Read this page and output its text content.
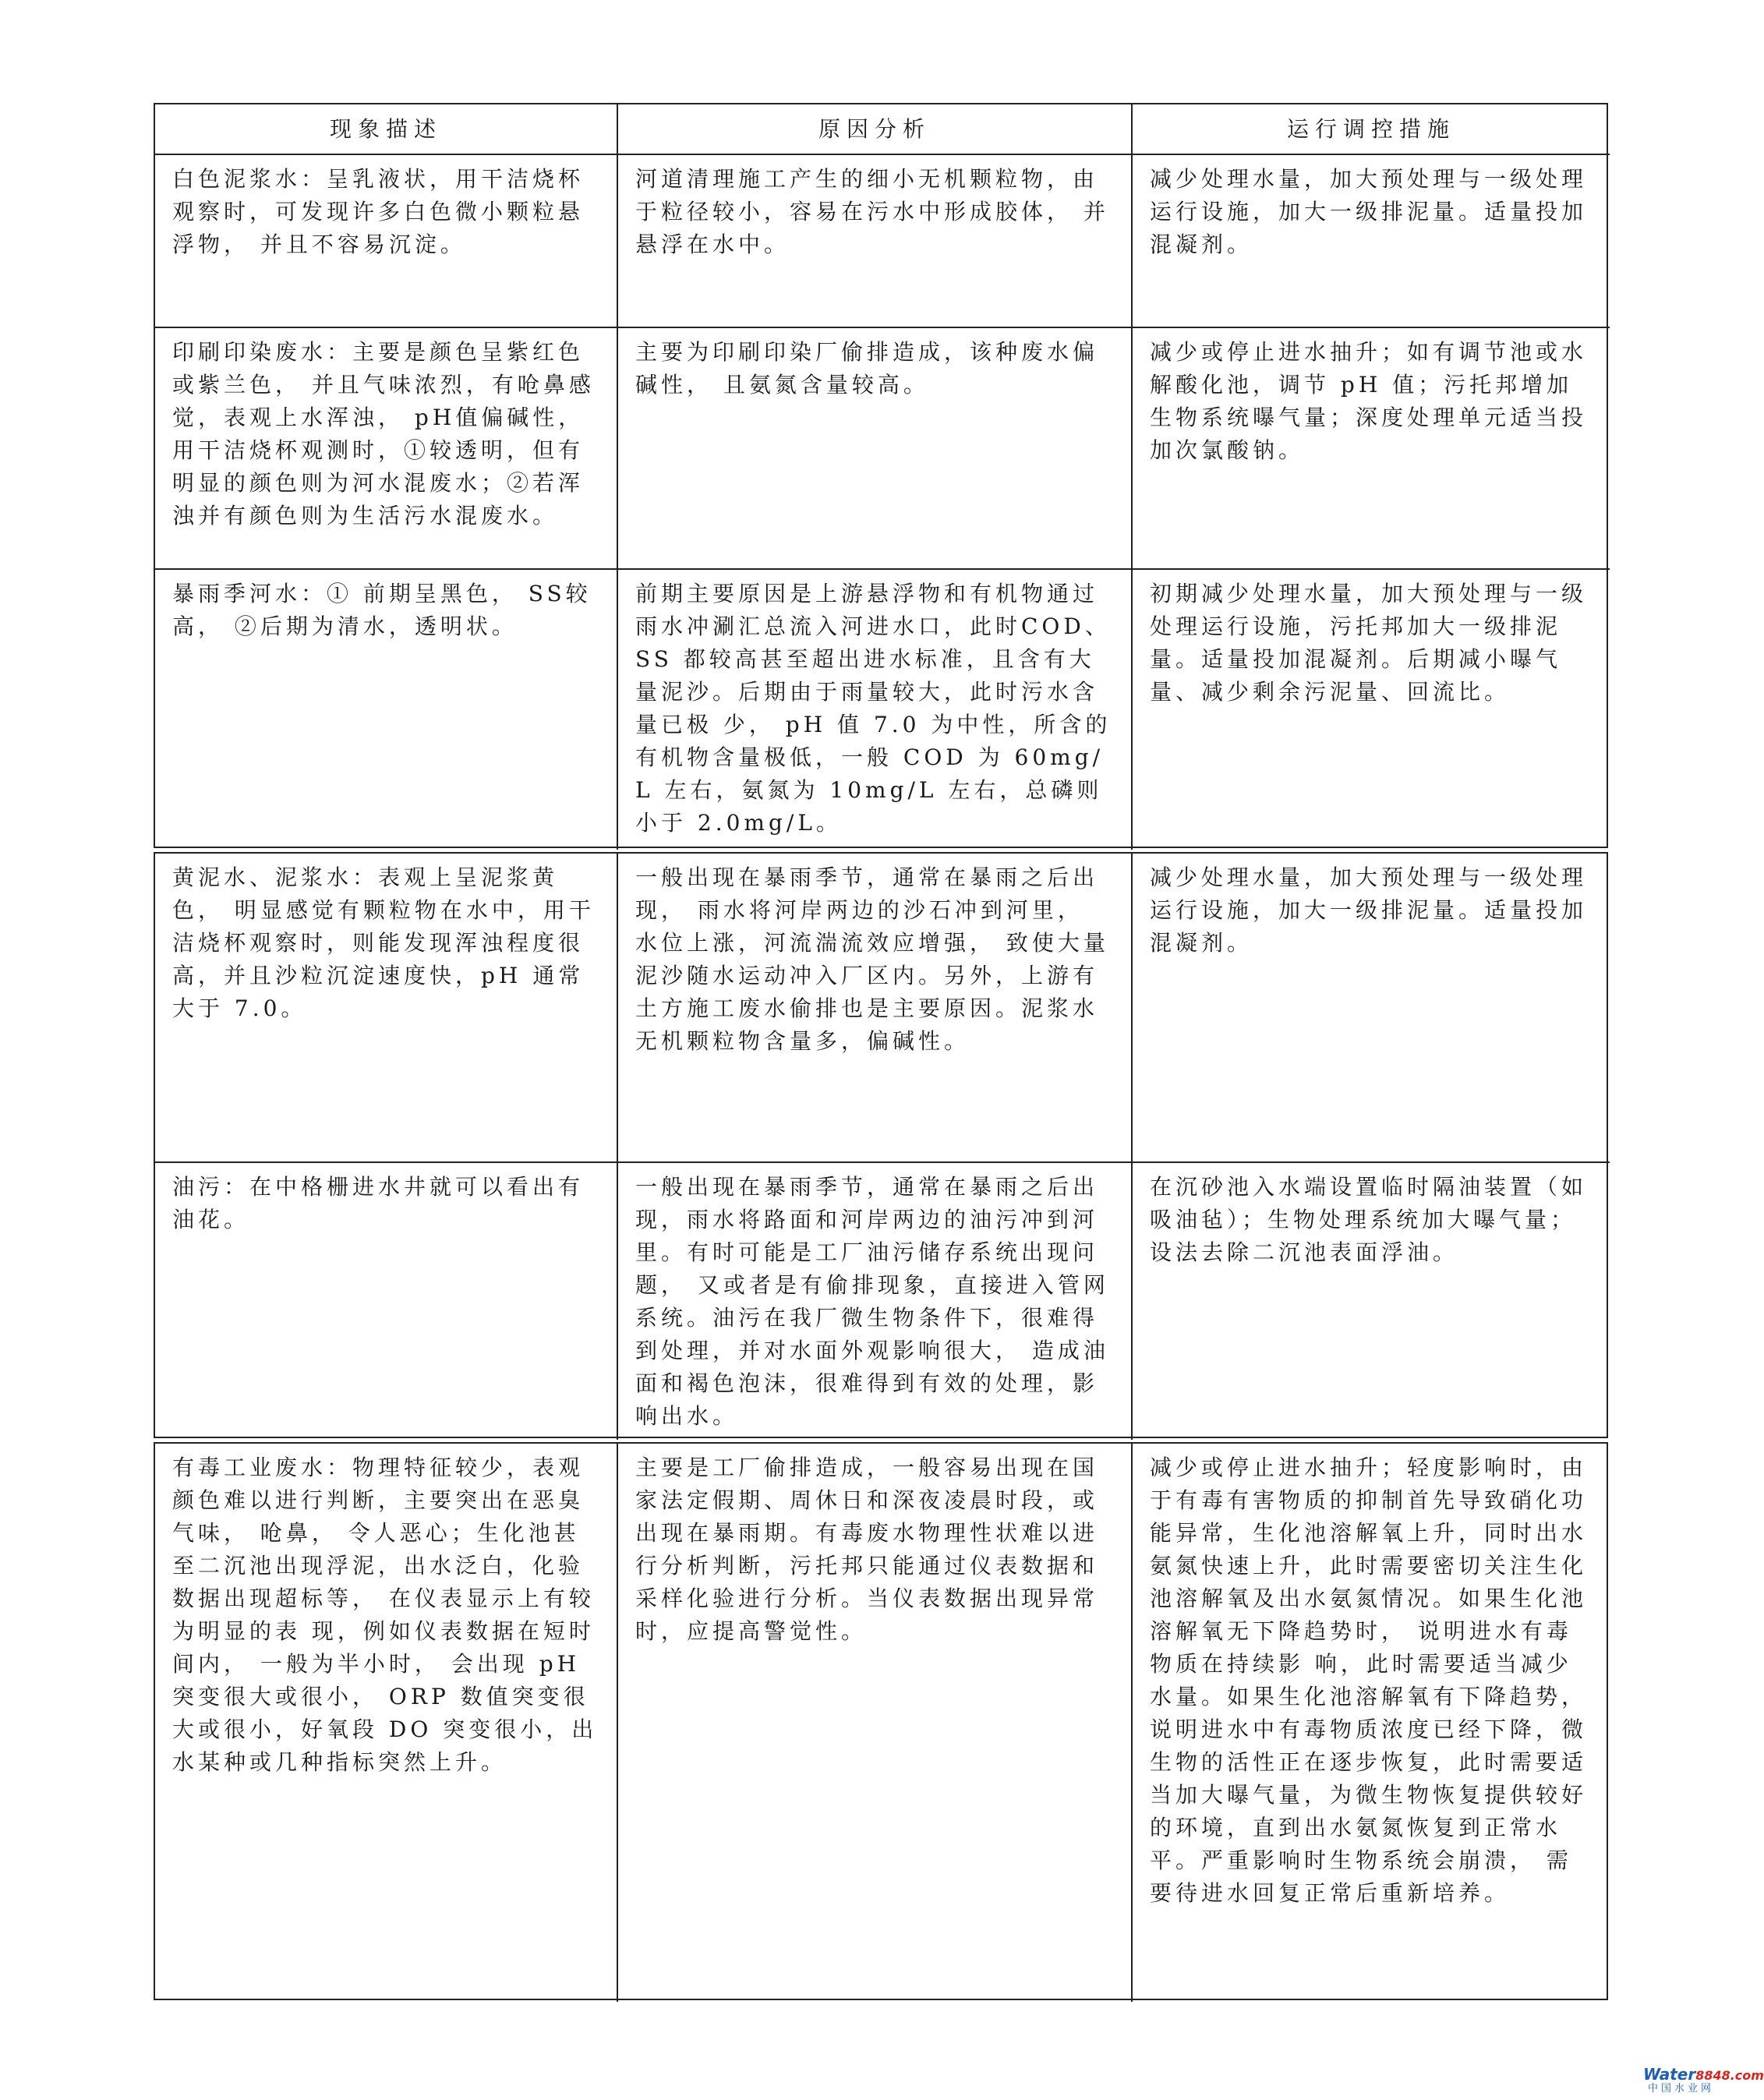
现象描述	原因分析	运行调控措施
白色泥浆水：呈乳液状，用干洁烧杯观察时，可发现许多白色微小颗粒悬浮物， 并且不容易沉淀。	河道清理施工产生的细小无机颗粒物，由于粒径较小，容易在污水中形成胶体， 并悬浮在水中。	减少处理水量，加大预处理与一级处理运行设施，加大一级排泥量。适量投加混凝剂。
印刷印染废水：主要是颜色呈紫红色或紫兰色， 并且气味浓烈，有呛鼻感觉，表观上水浑浊， pH值偏碱性，用干洁烧杯观测时，①较透明，但有明显的颜色则为河水混废水；②若浑浊并有颜色则为生活污水混废水。	主要为印刷印染厂偷排造成，该种废水偏碱性， 且氨氮含量较高。	减少或停止进水抽升；如有调节池或水解酸化池，调节 pH 值；污托邦增加生物系统曝气量；深度处理单元适当投加次氯酸钠。
暴雨季河水：① 前期呈黑色， SS较高， ②后期为清水，透明状。	前期主要原因是上游悬浮物和有机物通过雨水冲涮汇总流入河进水口，此时COD、SS 都较高甚至超出进水标准，且含有大量泥沙。后期由于雨量较大，此时污水含量已极 少， pH 值 7.0 为中性，所含的有机物含量极低，一般 COD 为 60mg/L 左右，氨氮为 10mg/L 左右，总磷则小于 2.0mg/L。	初期减少处理水量，加大预处理与一级处理运行设施，污托邦加大一级排泥量。适量投加混凝剂。后期减小曝气量、减少剩余污泥量、回流比。
黄泥水、泥浆水：表观上呈泥浆黄色， 明显感觉有颗粒物在水中，用干洁烧杯观察时，则能发现浑浊程度很高，并且沙粒沉淀速度快，pH 通常大于 7.0。	一般出现在暴雨季节，通常在暴雨之后出现， 雨水将河岸两边的沙石冲到河里， 水位上涨，河流湍流效应增强， 致使大量泥沙随水运动冲入厂区内。另外，上游有土方施工废水偷排也是主要原因。泥浆水无机颗粒物含量多，偏碱性。	减少处理水量，加大预处理与一级处理运行设施，加大一级排泥量。适量投加混凝剂。
油污：在中格栅进水井就可以看出有油花。	一般出现在暴雨季节，通常在暴雨之后出现，雨水将路面和河岸两边的油污冲到河里。有时可能是工厂油污储存系统出现问题， 又或者是有偷排现象，直接进入管网系统。油污在我厂微生物条件下，很难得到处理，并对水面外观影响很大， 造成油面和褐色泡沫，很难得到有效的处理，影响出水。	在沉砂池入水端设置临时隔油装置（如吸油毡）；生物处理系统加大曝气量；设法去除二沉池表面浮油。
有毒工业废水：物理特征较少，表观颜色难以进行判断，主要突出在恶臭气味， 呛鼻， 令人恶心；生化池甚至二沉池出现浮泥，出水泛白，化验数据出现超标等， 在仪表显示上有较为明显的表 现，例如仪表数据在短时间内， 一般为半小时， 会出现 pH 突变很大或很小， ORP 数值突变很大或很小，好氧段 DO 突变很小，出水某种或几种指标突然上升。	主要是工厂偷排造成，一般容易出现在国家法定假期、周休日和深夜凌晨时段，或出现在暴雨期。有毒废水物理性状难以进行分析判断，污托邦只能通过仪表数据和采样化验进行分析。当仪表数据出现异常时，应提高警觉性。	减少或停止进水抽升；轻度影响时，由于有毒有害物质的抑制首先导致硝化功能异常，生化池溶解氧上升，同时出水氨氮快速上升，此时需要密切关注生化池溶解氧及出水氨氮情况。如果生化池溶解氧无下降趋势时， 说明进水有毒物质在持续影 响，此时需要适当减少水量。如果生化池溶解氧有下降趋势，说明进水中有毒物质浓度已经下降，微生物的活性正在逐步恢复，此时需要适当加大曝气量，为微生物恢复提供较好的环境，直到出水氨氮恢复到正常水平。严重影响时生物系统会崩溃， 需要待进水回复正常后重新培养。
Water8848.com
中国水业网
